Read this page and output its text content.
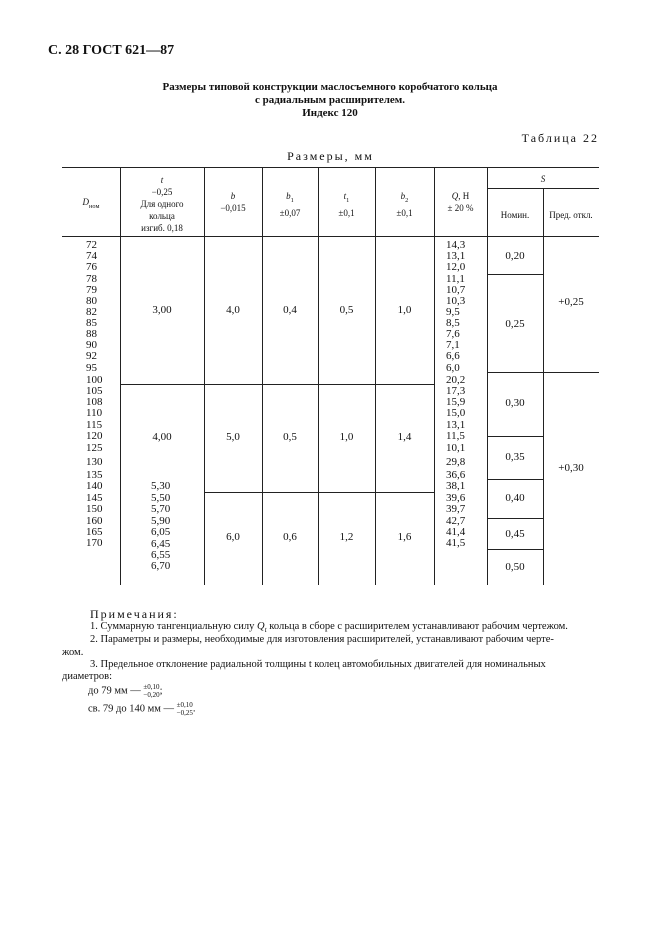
С. 28 ГОСТ 621—87
Размеры типовой конструкции маслосъемного коробчатого кольца
с радиальным расширителем.
Индекс 120
Таблица 22
Размеры, мм
$D_{ном}$
t
−0,25
Для одного
кольца
изгиб. 0,18
b
−0,015
$b_1$
±0,07
$t_1$
±0,1
$b_2$
±0,1
Q, Н
± 20 %
S
Номин.	Пред. откл.
72
74
76
78
79
80
82
85
88
90
92
95
100
105
108
110
115
120
125
130
135
140
145
150
160
165
170
14,3
13,1
12,0
11,1
10,7
10,3
9,5
8,5
7,6
7,1
6,6
6,0
20,2
17,3
15,9
15,0
13,1
11,5
10,1
29,8
36,6
38,1
39,6
39,7
42,7
41,4
41,5
5,30
5,50
5,70
5,90
6,05
6,45
6,55
6,70
3,00
4,00
4,0
5,0
6,0
0,4
0,5
0,6
0,5
1,0
1,2
1,0
1,4
1,6
0,20
0,25
0,30
0,35
0,40
0,45
0,50
+0,25
+0,30
Примечания:
1. Суммарную тангенциальную силу $Q_t$ кольца в сборе с расширителем устанавливают рабочим чертежом.
2. Параметры и размеры, необходимые для изготовления расширителей, устанавливают рабочим черте-
жом.
3. Предельное отклонение радиальной толщины t колец автомобильных двигателей для номинальных
диаметров:
до 79 мм — ±0,10
−0,20;
св. 79 до 140 мм — ±0,10
−0,25.
